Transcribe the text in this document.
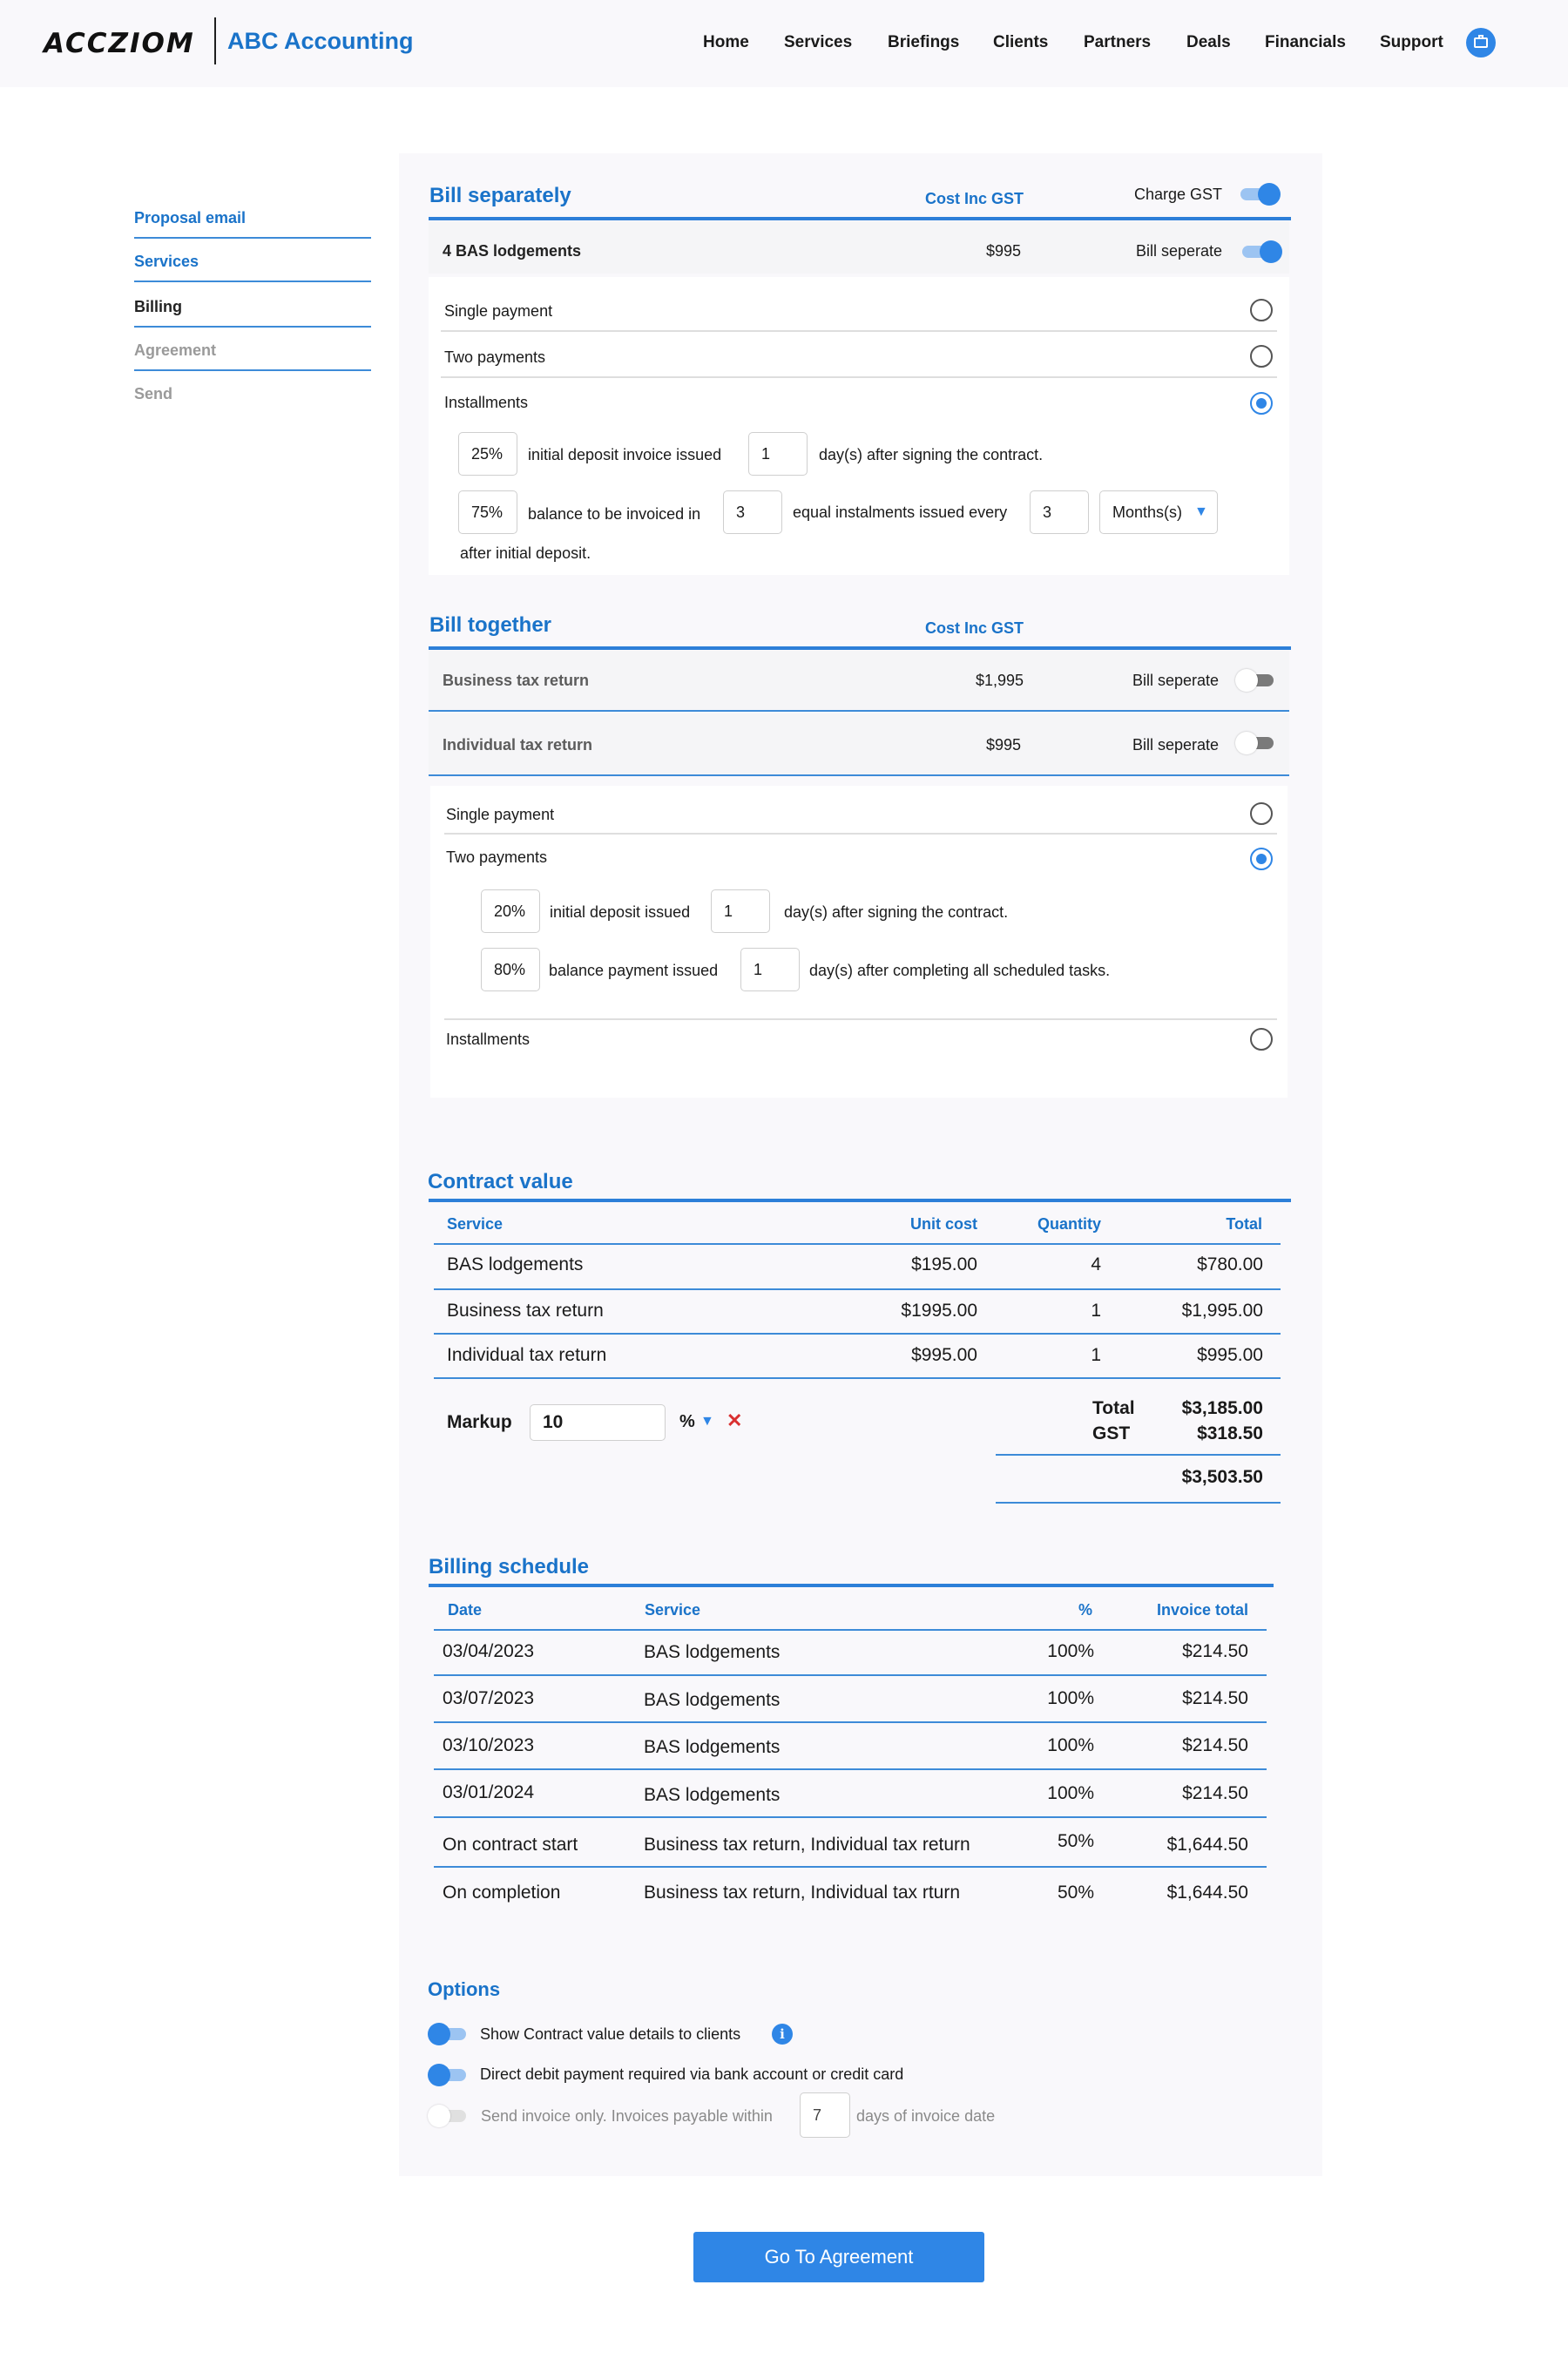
ACCZIOM ABC Accounting	Home Services Briefings Clients Partners Deals Financials Support
Proposal email
Services
Billing
Agreement
Send
Bill separately	Cost Inc GST	Charge GST
4 BAS lodgements	$995	Bill seperate
Single payment
Two payments
Installments
25%	initial deposit invoice issued	1	day(s) after signing the contract.
75%	balance to be invoiced in	3	equal instalments issued every	3	Months(s) ▼
after initial deposit.
Bill together	Cost Inc GST
Business tax return	$1,995	Bill seperate
Individual tax return	$995	Bill seperate
Single payment
Two payments
20%	initial deposit issued	1	day(s) after signing the contract.
80%	balance payment issued	1	day(s) after completing all scheduled tasks.
Installments
Contract value
Service	Unit cost	Quantity	Total
BAS lodgements	$195.00	4	$780.00
Business tax return	$1995.00	1	$1,995.00
Individual tax return	$995.00	1	$995.00
Markup
10	% ▼ ✕
Total	$3,185.00
GST	$318.50
$3,503.50
Billing schedule
Date	Service	%	Invoice total
03/04/2023	BAS lodgements	100%	$214.50
03/07/2023	BAS lodgements	100%	$214.50
03/10/2023	BAS lodgements	100%	$214.50
03/01/2024	BAS lodgements	100%	$214.50
On contract start	Business tax return, Individual tax return	50%	$1,644.50
On completion	Business tax return, Individual tax rturn	50%	$1,644.50
Options
Show Contract value details to clients	i
Direct debit payment required via bank account or credit card
Send invoice only. Invoices payable within	7	days of invoice date
Go To Agreement
